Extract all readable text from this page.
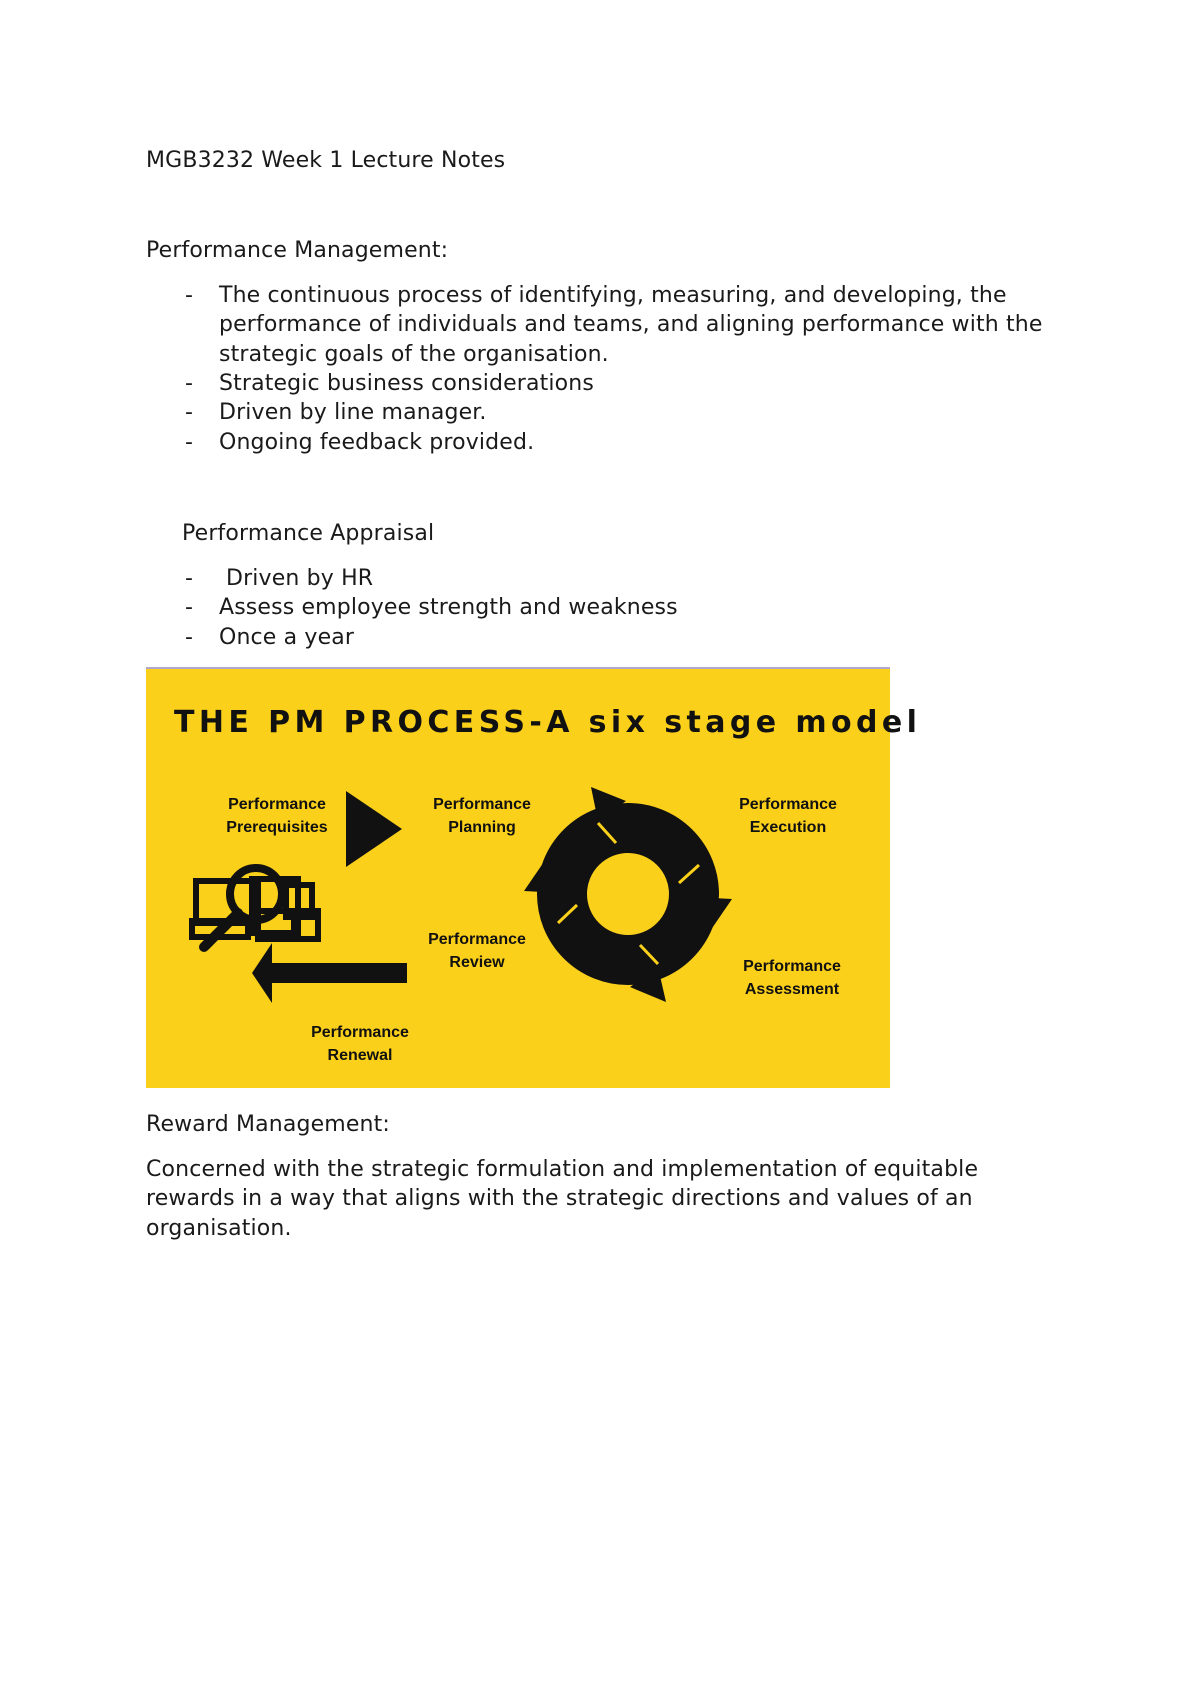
MGB3232 Week 1 Lecture Notes
Performance Management:
- The continuous process of identifying, measuring, and developing, the
performance of individuals and teams, and aligning performance with the
strategic goals of the organisation.
- Strategic business considerations
- Driven by line manager.
- Ongoing feedback provided.
Performance Appraisal
- Driven by HR
- Assess employee strength and weakness
- Once a year
THE PM PROCESS-A six stage model
Performance
Prerequisites
Performance
Planning
Performance
Execution
Performance
Assessment
Performance
Review
Performance
Renewal
Reward Management:
Concerned with the strategic formulation and implementation of equitable
rewards in a way that aligns with the strategic directions and values of an
organisation.
